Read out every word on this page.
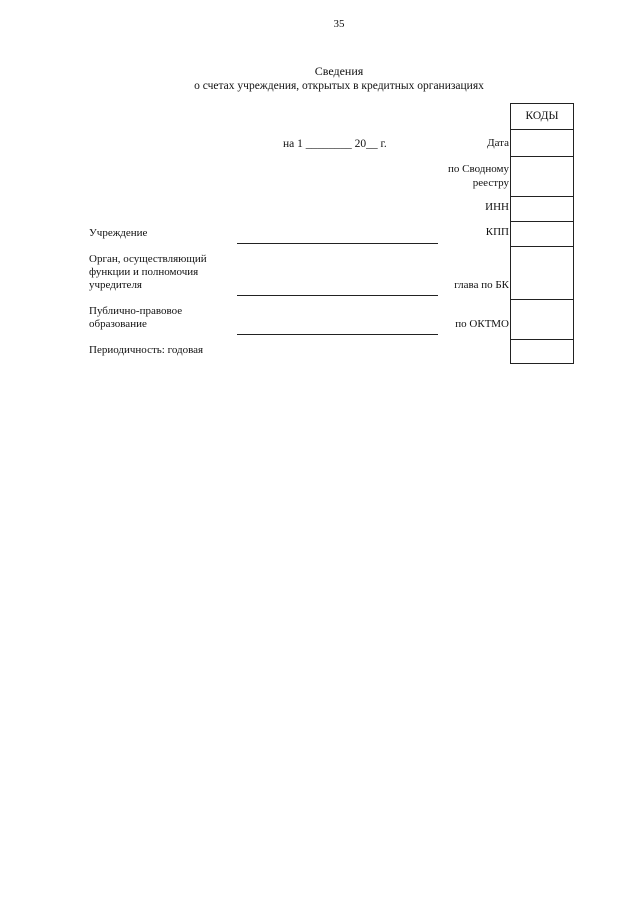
35
Сведения
о счетах учреждения, открытых в кредитных организациях
на 1 ________ 20__ г.
КОДЫ
Дата
по Сводному
реестру
ИНН
КПП
глава по БК
по ОКТМО
Учреждение
Орган, осуществляющий
функции и полномочия
учредителя
Публично-правовое
образование
Периодичность: годовая
